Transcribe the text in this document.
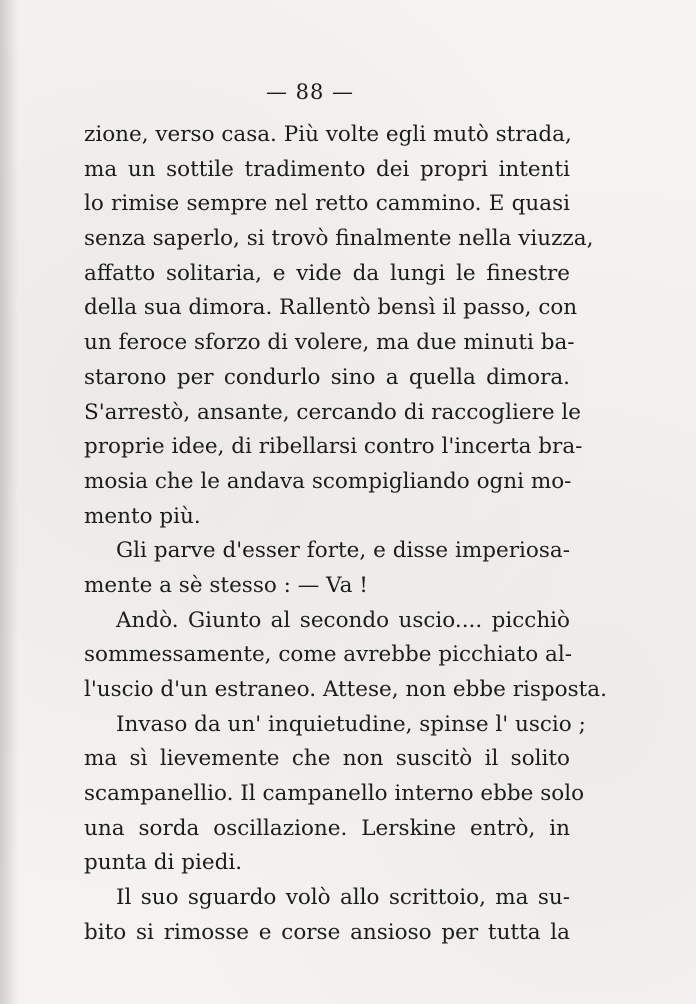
— 88 —
zione, verso casa. Più volte egli mutò strada,
ma un sottile tradimento dei propri intenti
lo rimise sempre nel retto cammino. E quasi
senza saperlo, si trovò finalmente nella viuzza,
affatto solitaria, e vide da lungi le finestre
della sua dimora. Rallentò bensì il passo, con
un feroce sforzo di volere, ma due minuti ba-
starono per condurlo sino a quella dimora.
S'arrestò, ansante, cercando di raccogliere le
proprie idee, di ribellarsi contro l'incerta bra-
mosia che le andava scompigliando ogni mo-
mento più.
Gli parve d'esser forte, e disse imperiosa-
mente a sè stesso : — Va !
Andò. Giunto al secondo uscio.... picchiò
sommessamente, come avrebbe picchiato al-
l'uscio d'un estraneo. Attese, non ebbe risposta.
Invaso da un' inquietudine, spinse l' uscio ;
ma sì lievemente che non suscitò il solito
scampanellio. Il campanello interno ebbe solo
una sorda oscillazione. Lerskine entrò, in
punta di piedi.
Il suo sguardo volò allo scrittoio, ma su-
bito si rimosse e corse ansioso per tutta la
